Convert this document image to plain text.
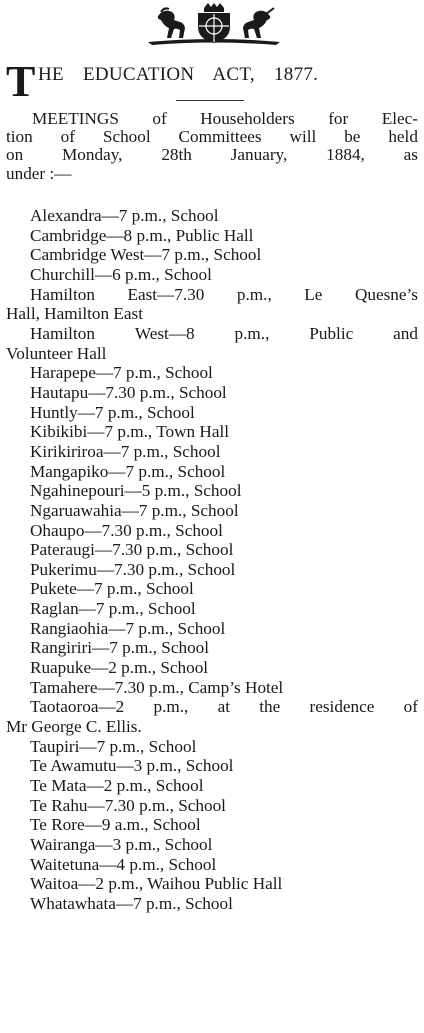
T HE EDUCATION ACT, 1877.
MEETINGS of Householders for Elec-
tion of School Committees will be held
on Monday, 28th January, 1884, as
under :—
Alexandra—7 p.m., School
Cambridge—8 p.m., Public Hall
Cambridge West—7 p.m., School
Churchill—6 p.m., School
Hamilton East—7.30 p.m., Le Quesne’s
Hall, Hamilton East
Hamilton West—8 p.m., Public and
Volunteer Hall
Harapepe—7 p.m., School
Hautapu—7.30 p.m., School
Huntly—7 p.m., School
Kibikibi—7 p.m., Town Hall
Kirikiriroa—7 p.m., School
Mangapiko—7 p.m., School
Ngahinepouri—5 p.m., School
Ngaruawahia—7 p.m., School
Ohaupo—7.30 p.m., School
Pateraugi—7.30 p.m., School
Pukerimu—7.30 p.m., School
Pukete—7 p.m., School
Raglan—7 p.m., School
Rangiaohia—7 p.m., School
Rangiriri—7 p.m., School
Ruapuke—2 p.m., School
Tamahere—7.30 p.m., Camp’s Hotel
Taotaoroa—2 p.m., at the residence of
Mr George C. Ellis.
Taupiri—7 p.m., School
Te Awamutu—3 p.m., School
Te Mata—2 p.m., School
Te Rahu—7.30 p.m., School
Te Rore—9 a.m., School
Wairanga—3 p.m., School
Waitetuna—4 p.m., School
Waitoa—2 p.m., Waihou Public Hall
Whatawhata—7 p.m., School
